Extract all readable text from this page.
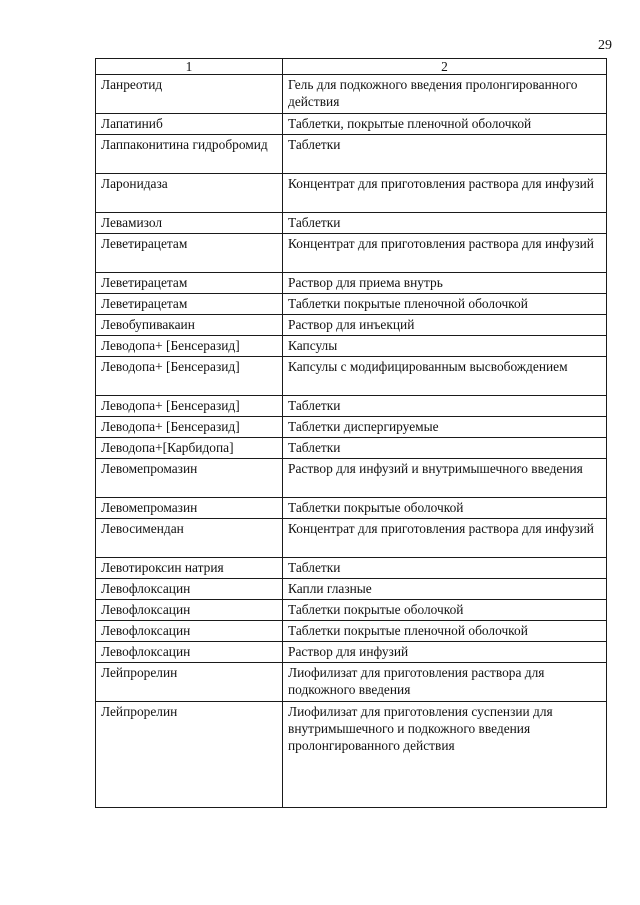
29
1	2
Ланреотид	Гель для подкожного введения пролонгированного действия
Лапатиниб	Таблетки, покрытые пленочной оболочкой
Лаппаконитина гидробромид	Таблетки
Ларонидаза	Концентрат для приготовления раствора для инфузий
Левамизол	Таблетки
Леветирацетам	Концентрат для приготовления раствора для инфузий
Леветирацетам	Раствор для приема внутрь
Леветирацетам	Таблетки покрытые пленочной оболочкой
Левобупивакаин	Раствор для инъекций
Леводопа+ [Бенсеразид]	Капсулы
Леводопа+ [Бенсеразид]	Капсулы с модифицированным высвобождением
Леводопа+ [Бенсеразид]	Таблетки
Леводопа+ [Бенсеразид]	Таблетки диспергируемые
Леводопа+[Карбидопа]	Таблетки
Левомепромазин	Раствор для инфузий и внутримышечного введения
Левомепромазин	Таблетки покрытые оболочкой
Левосимендан	Концентрат для приготовления раствора для инфузий
Левотироксин натрия	Таблетки
Левофлоксацин	Капли глазные
Левофлоксацин	Таблетки покрытые оболочкой
Левофлоксацин	Таблетки покрытые пленочной оболочкой
Левофлоксацин	Раствор для инфузий
Лейпрорелин	Лиофилизат для приготовления раствора для подкожного введения
Лейпрорелин	Лиофилизат для приготовления суспензии для внутримышечного и подкожного введения пролонгированного действия
